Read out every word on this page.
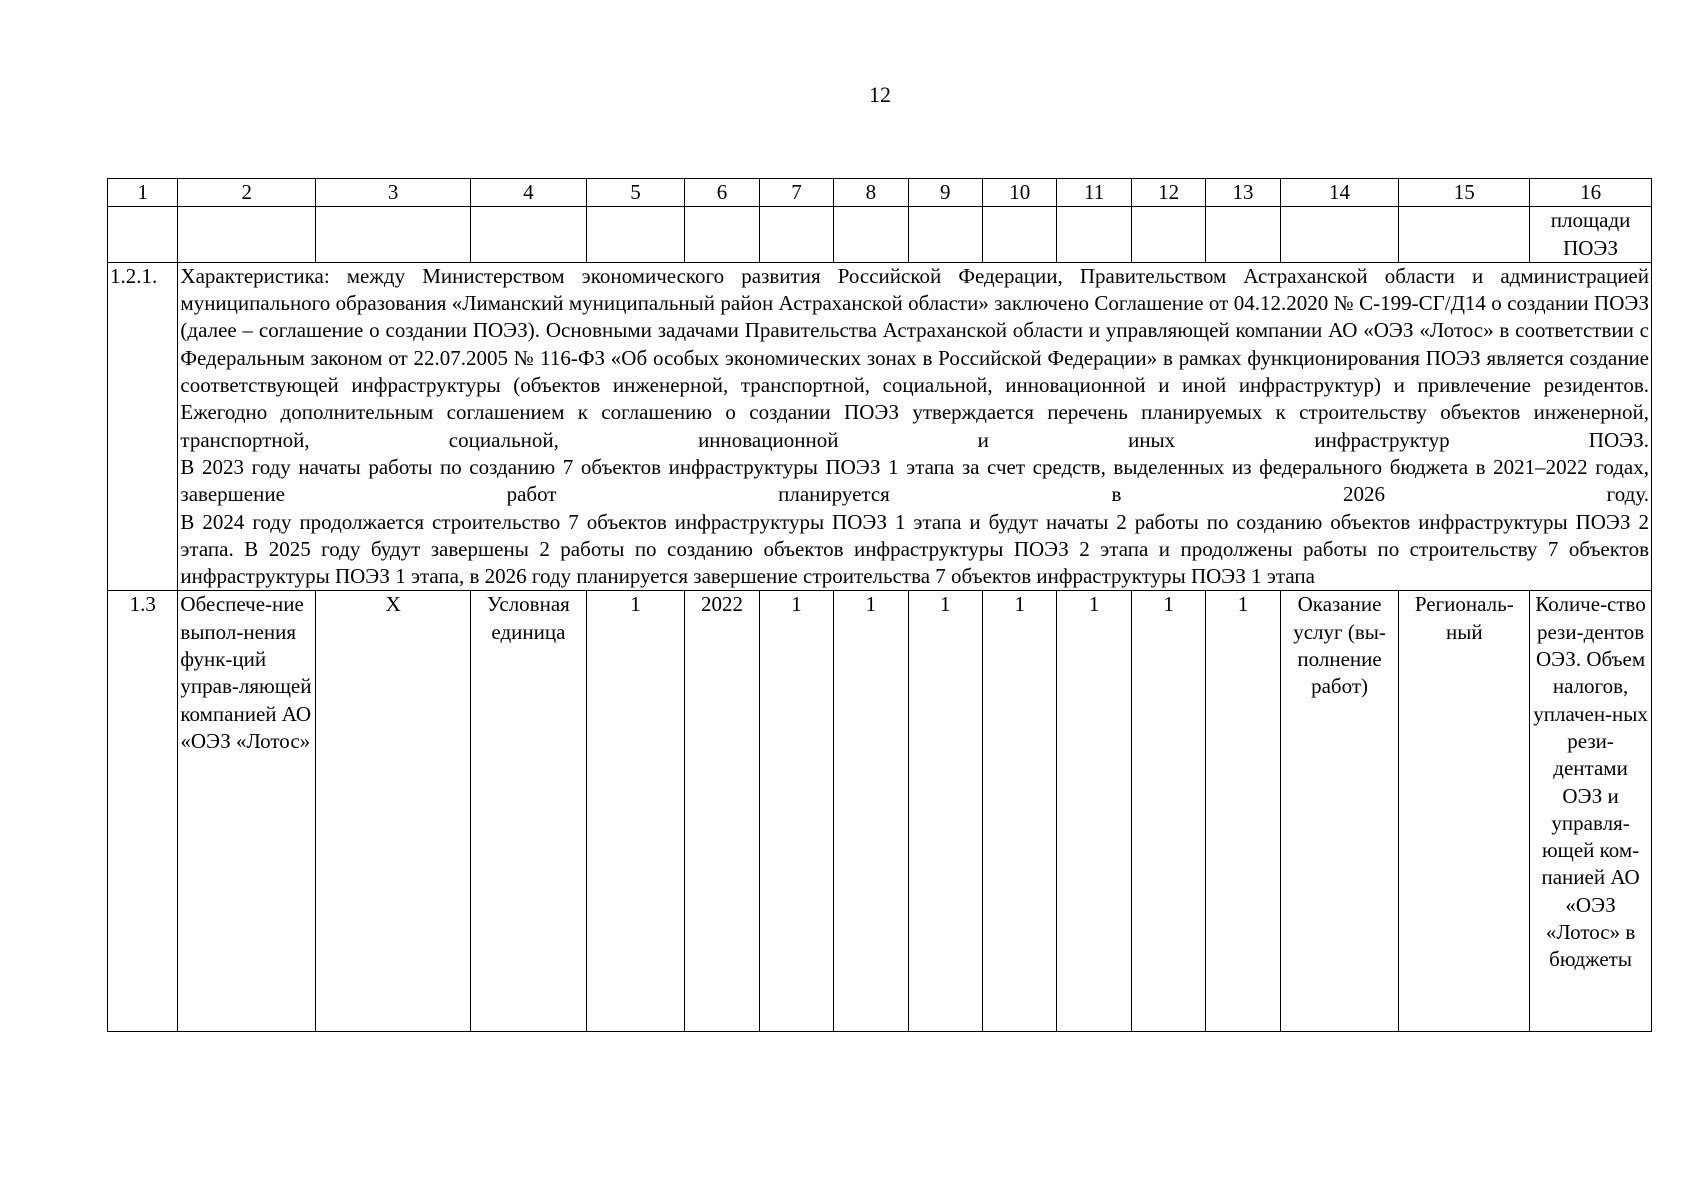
12
1	2	3	4	5	6	7	8	9	10	11	12	13	14	15	16
															площади ПОЭЗ
1.2.1.	Характеристика: между Министерством экономического развития Российской Федерации, Правительством Астраханской области и администрацией муниципального образования «Лиманский муниципальный район Астраханской области» заключено Соглашение от 04.12.2020 № С-199-СГ/Д14 о создании ПОЭЗ (далее – соглашение о создании ПОЭЗ). Основными задачами Правительства Астраханской области и управляющей компании АО «ОЭЗ «Лотос» в соответствии с Федеральным законом от 22.07.2005 № 116-ФЗ «Об особых экономических зонах в Российской Федерации» в рамках функционирования ПОЭЗ является создание соответствующей инфраструктуры (объектов инженерной, транспортной, социальной, инновационной и иной инфраструктур) и привлечение резидентов. Ежегодно дополнительным соглашением к соглашению о создании ПОЭЗ утверждается перечень планируемых к строительству объектов инженерной, транспортной, социальной, инновационной и иных инфраструктур ПОЭЗ.
В 2023 году начаты работы по созданию 7 объектов инфраструктуры ПОЭЗ 1 этапа за счет средств, выделенных из федерального бюджета в 2021–2022 годах, завершение работ планируется в 2026 году.
В 2024 году продолжается строительство 7 объектов инфраструктуры ПОЭЗ 1 этапа и будут начаты 2 работы по созданию объектов инфраструктуры ПОЭЗ 2 этапа. В 2025 году будут завершены 2 работы по созданию объектов инфраструктуры ПОЭЗ 2 этапа и продолжены работы по строительству 7 объектов инфраструктуры ПОЭЗ 1 этапа, в 2026 году планируется завершение строительства 7 объектов инфраструктуры ПОЭЗ 1 этапа														

1.3	Обеспече-ние выпол-нения функ-ций управ-ляющей компанией АО «ОЭЗ «Лотос»	Х	Условная единица	1	2022	1	1	1	1	1	1	1	Оказание услуг (вы-полнение работ)	Региональ-ный	Количе-ство рези-дентов ОЭЗ. Объем налогов, уплачен-ных рези-дентами ОЭЗ и управля-ющей ком-панией АО «ОЭЗ «Лотос» в бюджеты
